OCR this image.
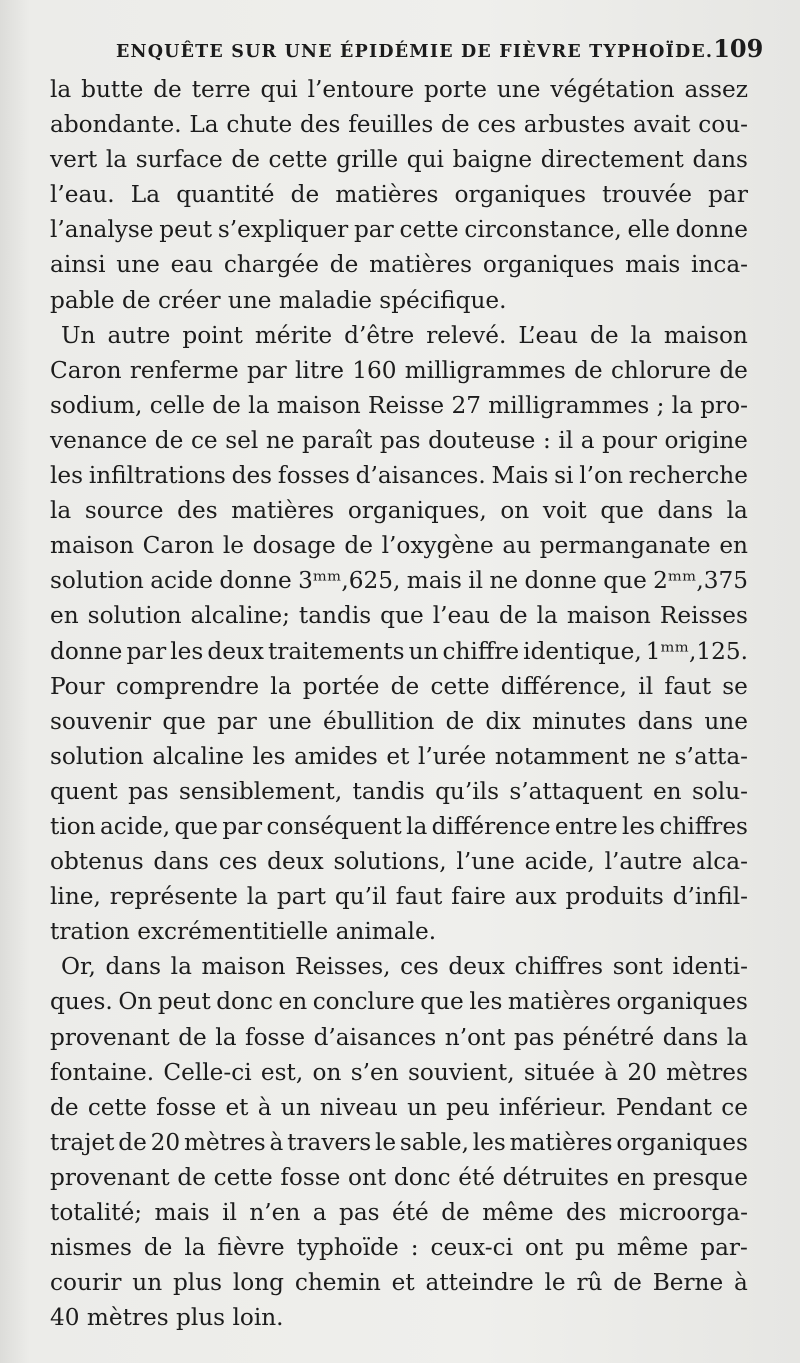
ENQUÊTE SUR UNE ÉPIDÉMIE DE FIÈVRE TYPHOÏDE. 109
la butte de terre qui l’entoure porte une végétation assez
abondante. La chute des feuilles de ces arbustes avait cou-
vert la surface de cette grille qui baigne directement dans
l’eau. La quantité de matières organiques trouvée par
l’analyse peut s’expliquer par cette circonstance, elle donne
ainsi une eau chargée de matières organiques mais inca-
pable de créer une maladie spécifique.
Un autre point mérite d’être relevé. L’eau de la maison
Caron renferme par litre 160 milligrammes de chlorure de
sodium, celle de la maison Reisse 27 milligrammes ; la pro-
venance de ce sel ne paraît pas douteuse : il a pour origine
les infiltrations des fosses d’aisances. Mais si l’on recherche
la source des matières organiques, on voit que dans la
maison Caron le dosage de l’oxygène au permanganate en
solution acide donne 3ᵐᵐ,625, mais il ne donne que 2ᵐᵐ,375
en solution alcaline; tandis que l’eau de la maison Reisses
donne par les deux traitements un chiffre identique, 1ᵐᵐ,125.
Pour comprendre la portée de cette différence, il faut se
souvenir que par une ébullition de dix minutes dans une
solution alcaline les amides et l’urée notamment ne s’atta-
quent pas sensiblement, tandis qu’ils s’attaquent en solu-
tion acide, que par conséquent la différence entre les chiffres
obtenus dans ces deux solutions, l’une acide, l’autre alca-
line, représente la part qu’il faut faire aux produits d’infil-
tration excrémentitielle animale.
Or, dans la maison Reisses, ces deux chiffres sont identi-
ques. On peut donc en conclure que les matières organiques
provenant de la fosse d’aisances n’ont pas pénétré dans la
fontaine. Celle-ci est, on s’en souvient, située à 20 mètres
de cette fosse et à un niveau un peu inférieur. Pendant ce
trajet de 20 mètres à travers le sable, les matières organiques
provenant de cette fosse ont donc été détruites en presque
totalité; mais il n’en a pas été de même des microorga-
nismes de la fièvre typhoïde : ceux-ci ont pu même par-
courir un plus long chemin et atteindre le rû de Berne à
40 mètres plus loin.
